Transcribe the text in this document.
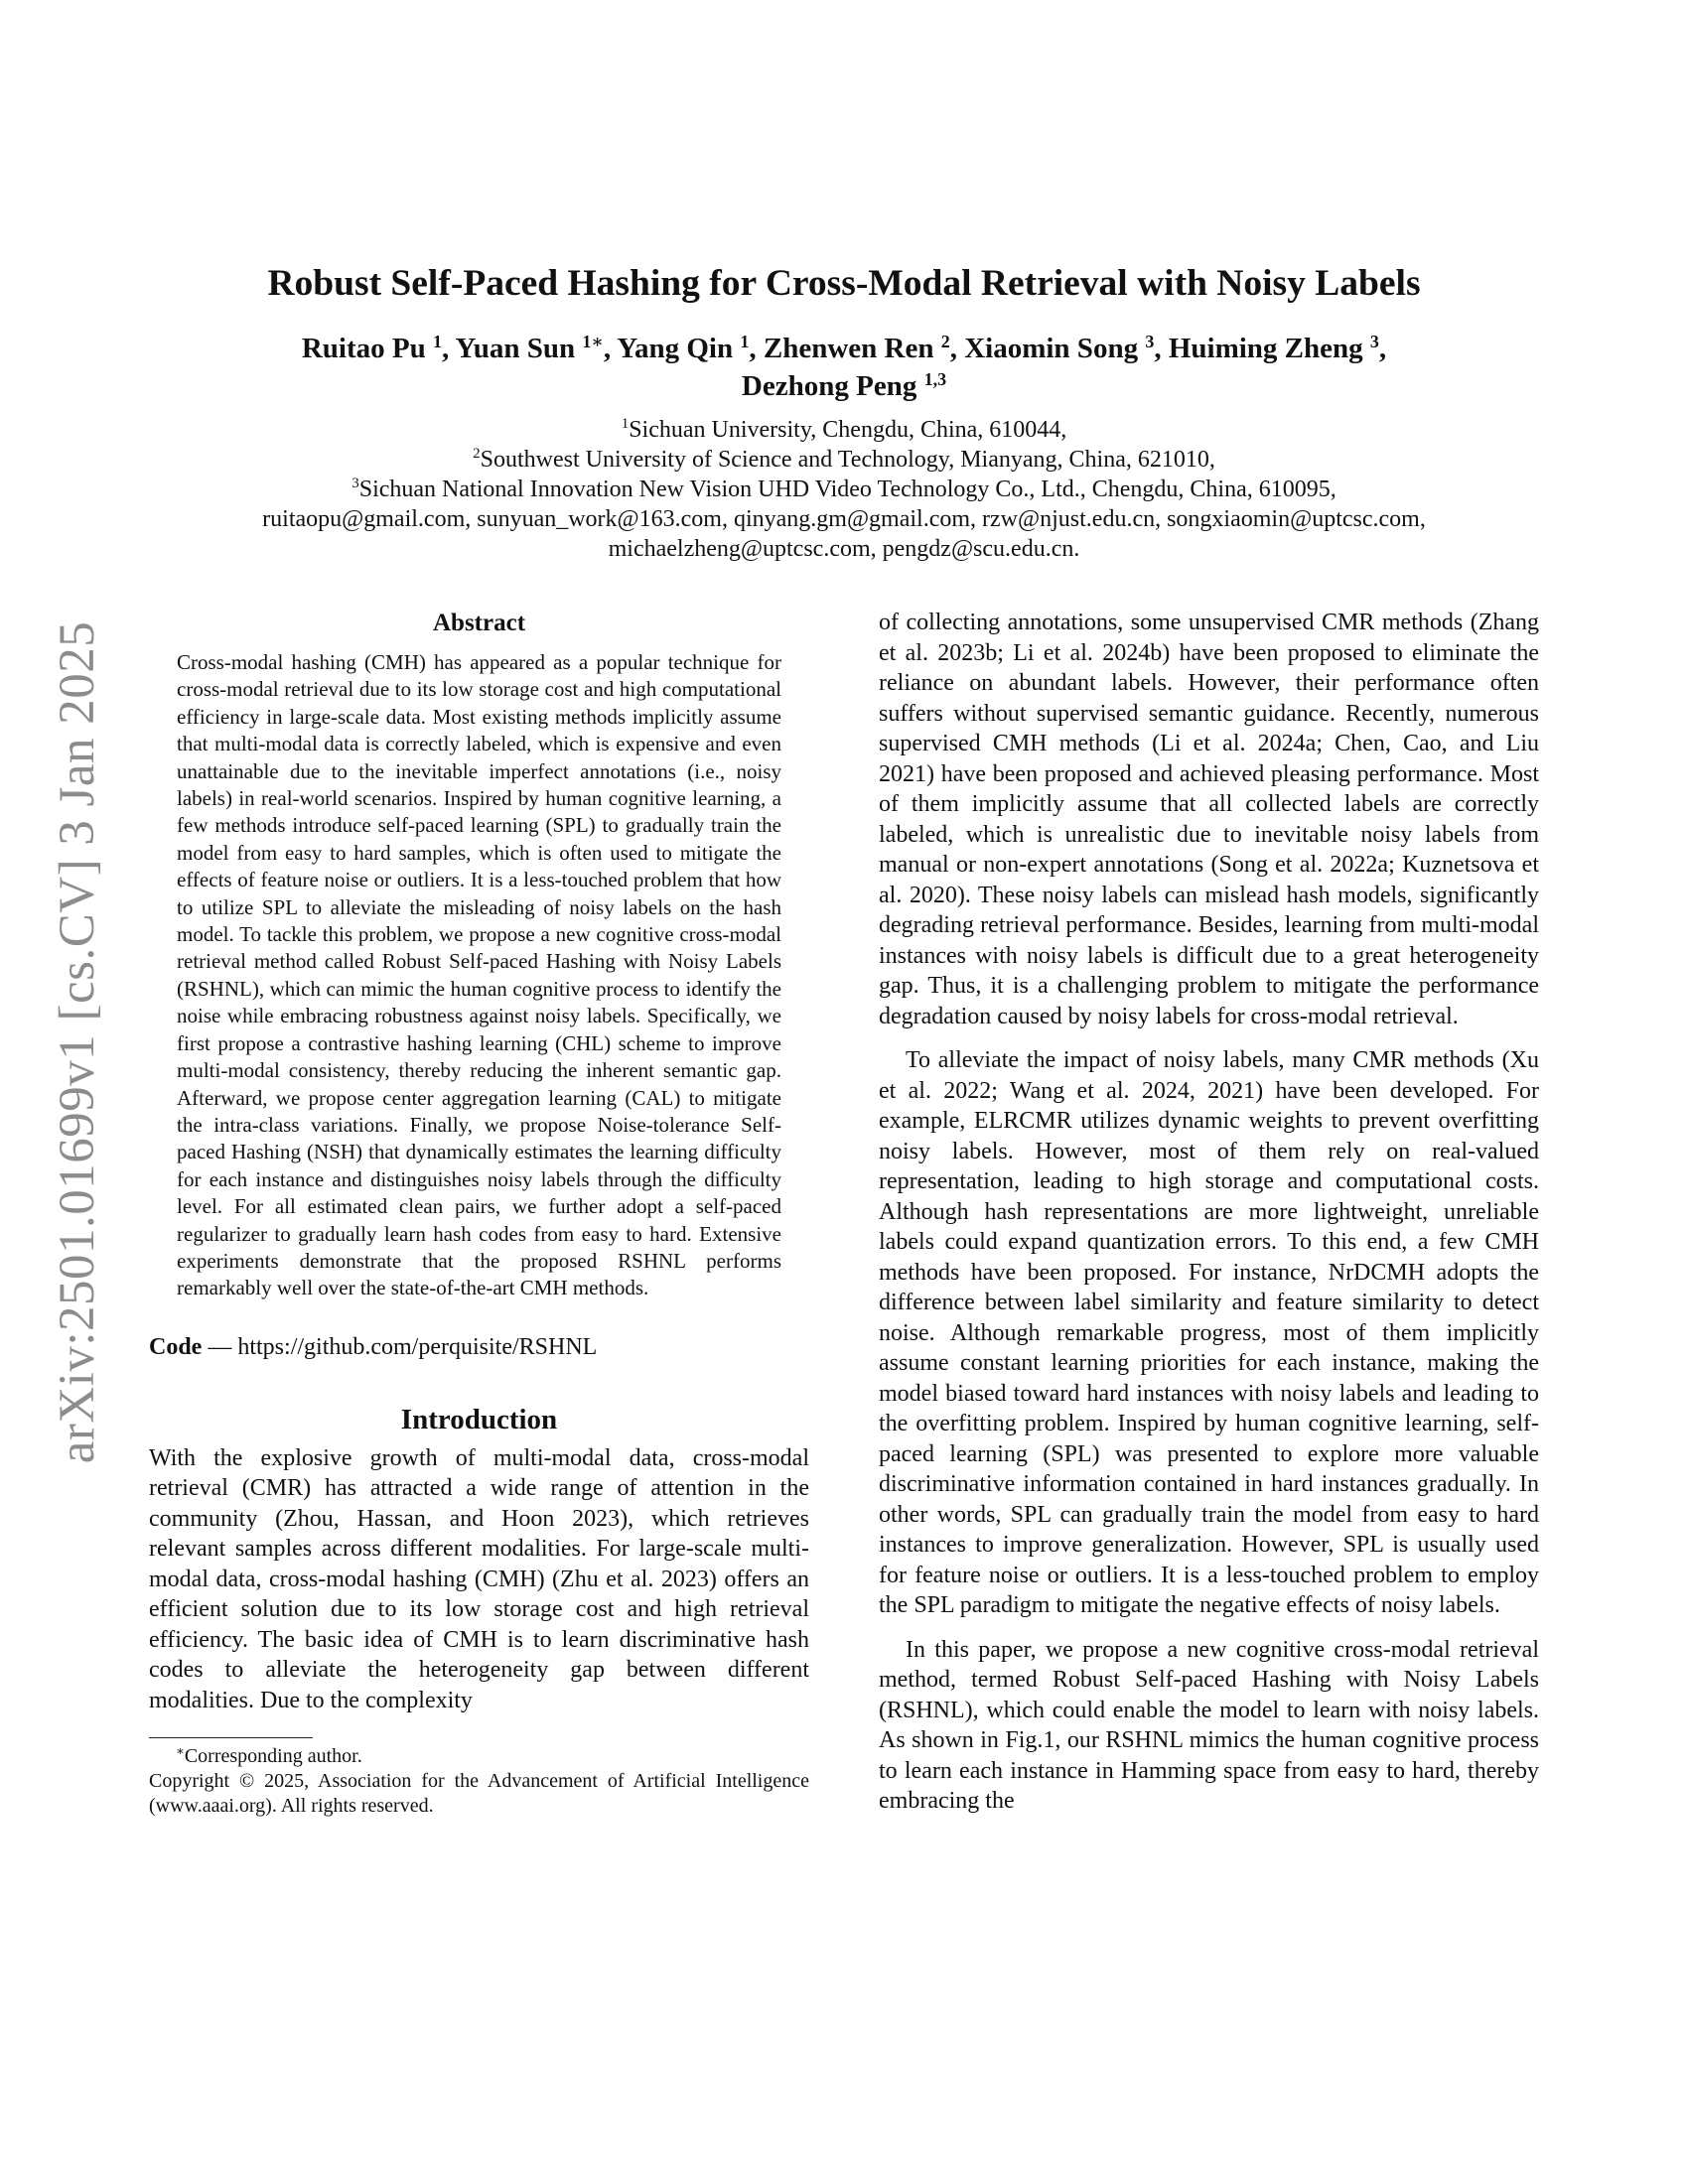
arXiv:2501.01699v1 [cs.CV] 3 Jan 2025
Robust Self-Paced Hashing for Cross-Modal Retrieval with Noisy Labels
Ruitao Pu $^1$, Yuan Sun $^{1∗}$, Yang Qin $^1$, Zhenwen Ren $^2$, Xiaomin Song $^3$, Huiming Zheng $^3$,
Dezhong Peng $^{1,3}$
$^1$Sichuan University, Chengdu, China, 610044,
$^2$Southwest University of Science and Technology, Mianyang, China, 621010,
$^3$Sichuan National Innovation New Vision UHD Video Technology Co., Ltd., Chengdu, China, 610095,
ruitaopu@gmail.com, sunyuan_work@163.com, qinyang.gm@gmail.com, rzw@njust.edu.cn, songxiaomin@uptcsc.com,
michaelzheng@uptcsc.com, pengdz@scu.edu.cn.
Abstract

Cross-modal hashing (CMH) has appeared as a popular technique for cross-modal retrieval due to its low storage cost and high computational efficiency in large-scale data. Most existing methods implicitly assume that multi-modal data is correctly labeled, which is expensive and even unattainable due to the inevitable imperfect annotations (i.e., noisy labels) in real-world scenarios. Inspired by human cognitive learning, a few methods introduce self-paced learning (SPL) to gradually train the model from easy to hard samples, which is often used to mitigate the effects of feature noise or outliers. It is a less-touched problem that how to utilize SPL to alleviate the misleading of noisy labels on the hash model. To tackle this problem, we propose a new cognitive cross-modal retrieval method called Robust Self-paced Hashing with Noisy Labels (RSHNL), which can mimic the human cognitive process to identify the noise while embracing robustness against noisy labels. Specifically, we first propose a contrastive hashing learning (CHL) scheme to improve multi-modal consistency, thereby reducing the inherent semantic gap. Afterward, we propose center aggregation learning (CAL) to mitigate the intra-class variations. Finally, we propose Noise-tolerance Self-paced Hashing (NSH) that dynamically estimates the learning difficulty for each instance and distinguishes noisy labels through the difficulty level. For all estimated clean pairs, we further adopt a self-paced regularizer to gradually learn hash codes from easy to hard. Extensive experiments demonstrate that the proposed RSHNL performs remarkably well over the state-of-the-art CMH methods.

Code — https://github.com/perquisite/RSHNL

Introduction

With the explosive growth of multi-modal data, cross-modal retrieval (CMR) has attracted a wide range of attention in the community (Zhou, Hassan, and Hoon 2023), which retrieves relevant samples across different modalities. For large-scale multi-modal data, cross-modal hashing (CMH) (Zhu et al. 2023) offers an efficient solution due to its low storage cost and high retrieval efficiency. The basic idea of CMH is to learn discriminative hash codes to alleviate the heterogeneity gap between different modalities. Due to the complexity

∗Corresponding author.

Copyright © 2025, Association for the Advancement of Artificial Intelligence (www.aaai.org). All rights reserved.

of collecting annotations, some unsupervised CMR methods (Zhang et al. 2023b; Li et al. 2024b) have been proposed to eliminate the reliance on abundant labels. However, their performance often suffers without supervised semantic guidance. Recently, numerous supervised CMH methods (Li et al. 2024a; Chen, Cao, and Liu 2021) have been proposed and achieved pleasing performance. Most of them implicitly assume that all collected labels are correctly labeled, which is unrealistic due to inevitable noisy labels from manual or non-expert annotations (Song et al. 2022a; Kuznetsova et al. 2020). These noisy labels can mislead hash models, significantly degrading retrieval performance. Besides, learning from multi-modal instances with noisy labels is difficult due to a great heterogeneity gap. Thus, it is a challenging problem to mitigate the performance degradation caused by noisy labels for cross-modal retrieval.

To alleviate the impact of noisy labels, many CMR methods (Xu et al. 2022; Wang et al. 2024, 2021) have been developed. For example, ELRCMR utilizes dynamic weights to prevent overfitting noisy labels. However, most of them rely on real-valued representation, leading to high storage and computational costs. Although hash representations are more lightweight, unreliable labels could expand quantization errors. To this end, a few CMH methods have been proposed. For instance, NrDCMH adopts the difference between label similarity and feature similarity to detect noise. Although remarkable progress, most of them implicitly assume constant learning priorities for each instance, making the model biased toward hard instances with noisy labels and leading to the overfitting problem. Inspired by human cognitive learning, self-paced learning (SPL) was presented to explore more valuable discriminative information contained in hard instances gradually. In other words, SPL can gradually train the model from easy to hard instances to improve generalization. However, SPL is usually used for feature noise or outliers. It is a less-touched problem to employ the SPL paradigm to mitigate the negative effects of noisy labels.

In this paper, we propose a new cognitive cross-modal retrieval method, termed Robust Self-paced Hashing with Noisy Labels (RSHNL), which could enable the model to learn with noisy labels. As shown in Fig.1, our RSHNL mimics the human cognitive process to learn each instance in Hamming space from easy to hard, thereby embracing the
